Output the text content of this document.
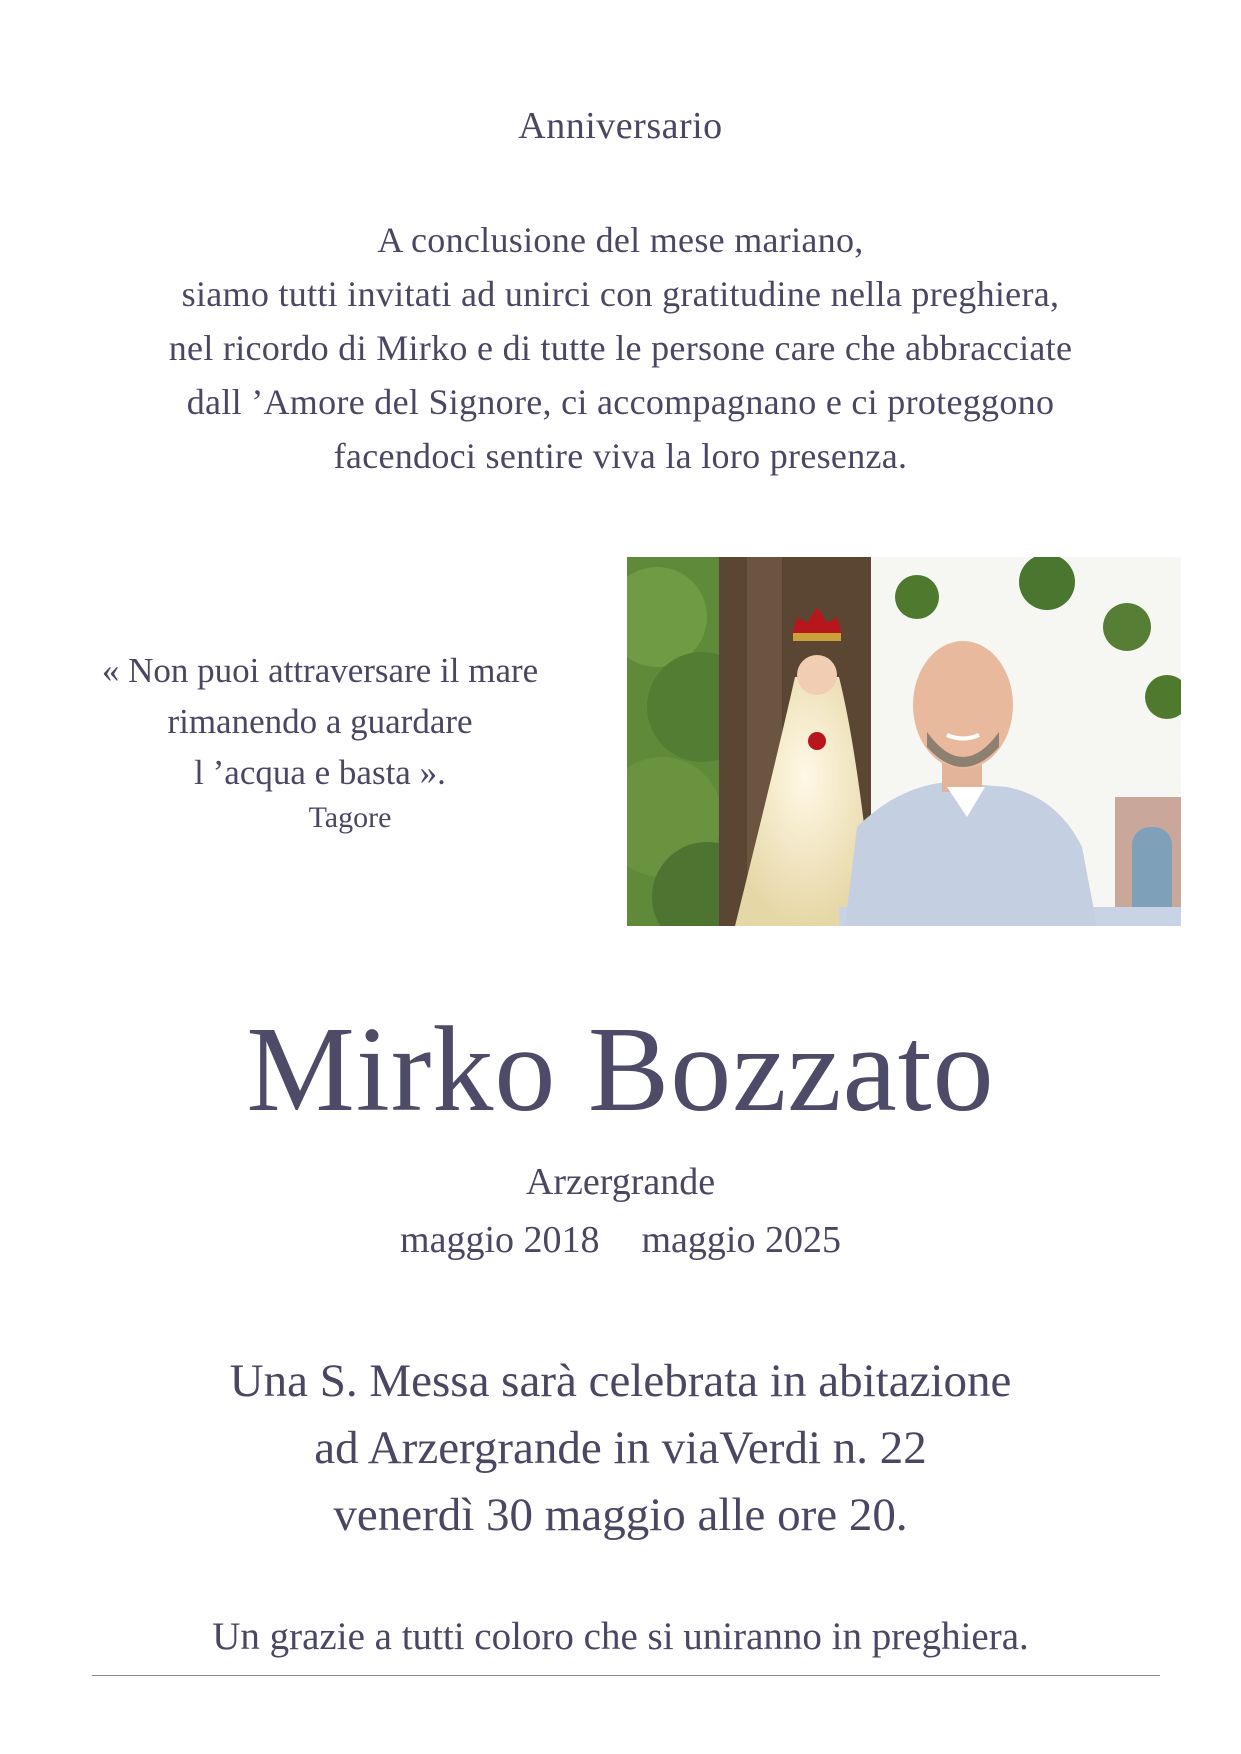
Anniversario
A conclusione del mese mariano,
siamo tutti invitati ad unirci con gratitudine nella preghiera,
nel ricordo di Mirko e di tutte le persone care che abbracciate
dall ’Amore del Signore, ci accompagnano e ci proteggono
facendoci sentire viva la loro presenza.
« Non puoi attraversare il mare
rimanendo a guardare
l ’acqua e basta ».
Tagore
Mirko Bozzato
Arzergrande
maggio 2018 maggio 2025
Una S. Messa sarà celebrata in abitazione
ad Arzergrande in viaVerdi n. 22
venerdì 30 maggio alle ore 20.
Un grazie a tutti coloro che si uniranno in preghiera.
